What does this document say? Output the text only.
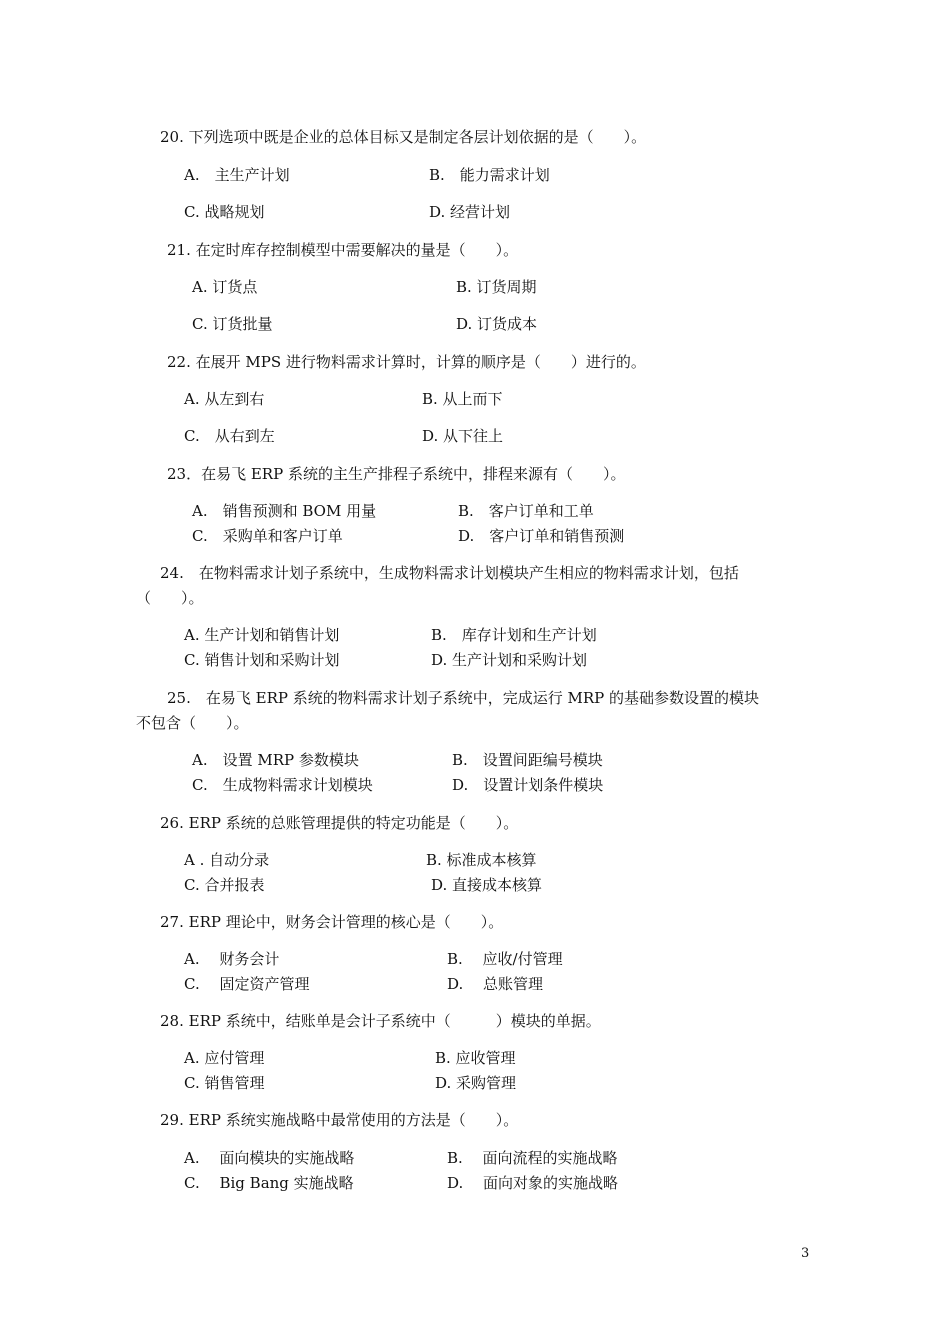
20. 下列选项中既是企业的总体目标又是制定各层计划依据的是（　　）。
A.　主生产计划	B.　能力需求计划
C. 战略规划	D. 经营计划
21. 在定时库存控制模型中需要解决的量是（　　）。
A. 订货点	B. 订货周期
C. 订货批量	D. 订货成本
22. 在展开 MPS 进行物料需求计算时，计算的顺序是（　　）进行的。
A. 从左到右	B. 从上而下
C.　从右到左	D. 从下往上
23．在易飞 ERP 系统的主生产排程子系统中，排程来源有（　　）。
A.　销售预测和 BOM 用量	B.　客户订单和工单
C.　采购单和客户订单	D.　客户订单和销售预测
24.　在物料需求计划子系统中，生成物料需求计划模块产生相应的物料需求计划，包括
（　　）。
A. 生产计划和销售计划	B.　库存计划和生产计划
C. 销售计划和采购计划	D. 生产计划和采购计划
25.　在易飞 ERP 系统的物料需求计划子系统中，完成运行 MRP 的基础参数设置的模块
不包含（　　）。
A.　设置 MRP 参数模块	B.　设置间距编号模块
C.　生成物料需求计划模块	D.　设置计划条件模块
26. ERP 系统的总账管理提供的特定功能是（　　）。
A . 自动分录	B. 标准成本核算
C. 合并报表	D. 直接成本核算
27. ERP 理论中，财务会计管理的核心是（　　）。
A.　 财务会计	B.　 应收/付管理
C.　 固定资产管理	D.　 总账管理
28. ERP 系统中，结账单是会计子系统中（　　　）模块的单据。
A. 应付管理	B. 应收管理
C. 销售管理	D. 采购管理
29. ERP 系统实施战略中最常使用的方法是（　　）。
A.　 面向模块的实施战略	B.　 面向流程的实施战略
C.　 Big Bang 实施战略	D.　 面向对象的实施战略
3
